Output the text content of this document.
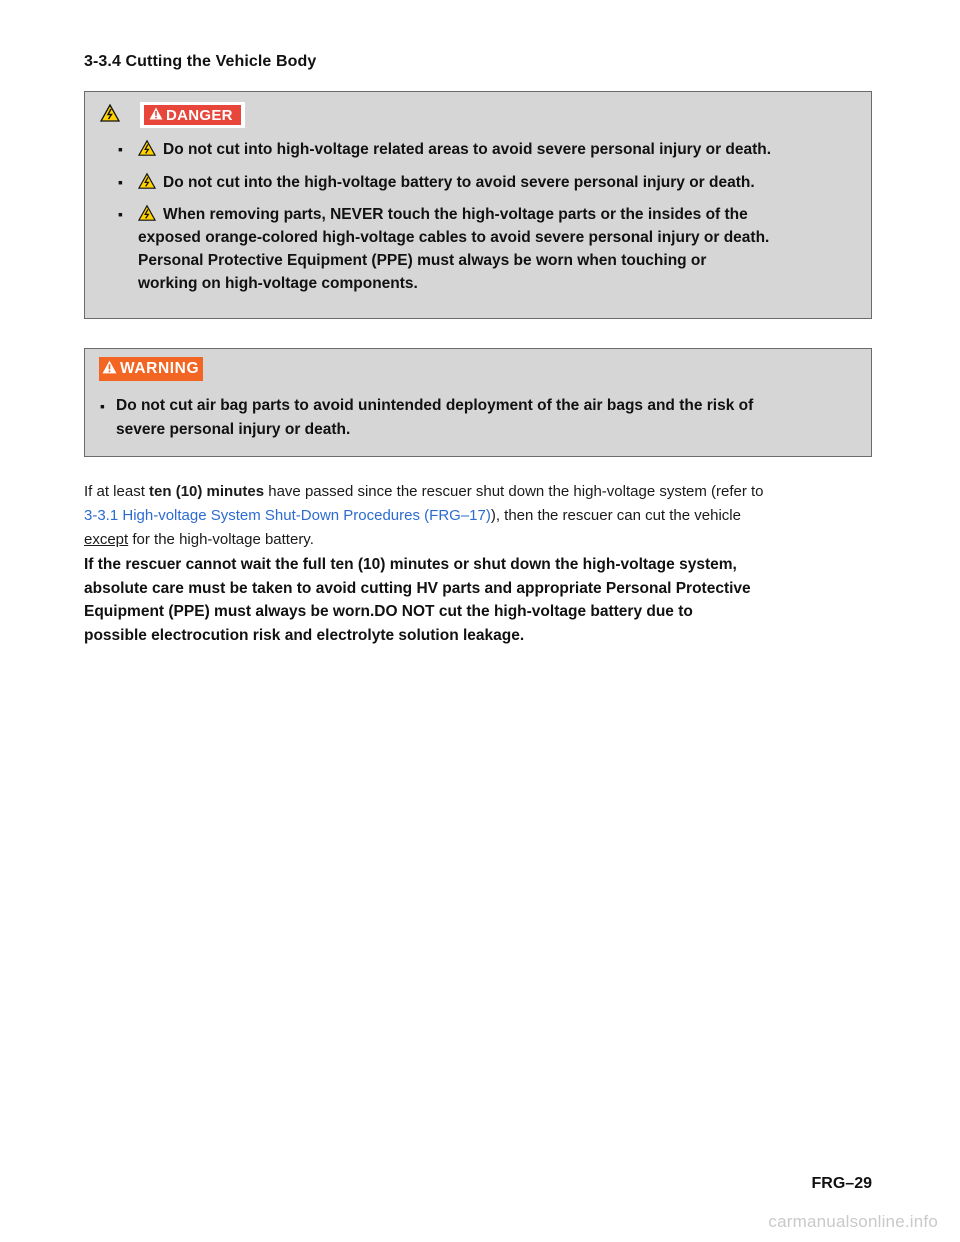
3-3.4 Cutting the Vehicle Body
DANGER
▪	Do not cut into high-voltage related areas to avoid severe personal injury or death.
▪	Do not cut into the high-voltage battery to avoid severe personal injury or death.
▪	When removing parts, NEVER touch the high-voltage parts or the insides of the
exposed orange-colored high-voltage cables to avoid severe personal injury or death.
Personal Protective Equipment (PPE) must always be worn when touching or
working on high-voltage components.
WARNING
▪ Do not cut air bag parts to avoid unintended deployment of the air bags and the risk of
severe personal injury or death.
If at least ten (10) minutes have passed since the rescuer shut down the high-voltage system (refer to
3-3.1 High-voltage System Shut-Down Procedures (FRG–17)), then the rescuer can cut the vehicle
except for the high-voltage battery.
If the rescuer cannot wait the full ten (10) minutes or shut down the high-voltage system,
absolute care must be taken to avoid cutting HV parts and appropriate Personal Protective
Equipment (PPE) must always be worn.DO NOT cut the high-voltage battery due to
possible electrocution risk and electrolyte solution leakage.
FRG–29
carmanualsonline.info
